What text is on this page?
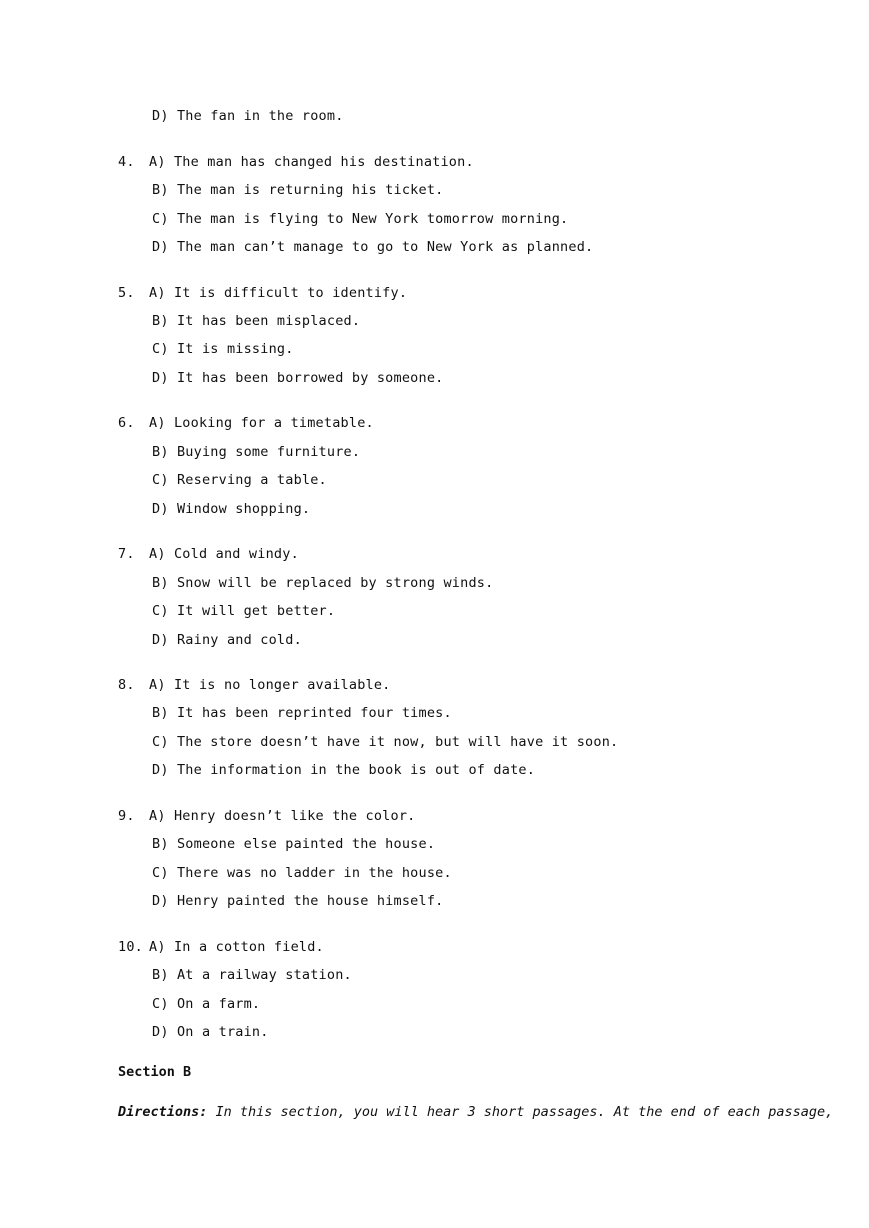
D) The fan in the room.
4. A) The man has changed his destination.
B) The man is returning his ticket.
C) The man is flying to New York tomorrow morning.
D) The man can’t manage to go to New York as planned.
5. A) It is difficult to identify.
B) It has been misplaced.
C) It is missing.
D) It has been borrowed by someone.
6. A) Looking for a timetable.
B) Buying some furniture.
C) Reserving a table.
D) Window shopping.
7. A) Cold and windy.
B) Snow will be replaced by strong winds.
C) It will get better.
D) Rainy and cold.
8. A) It is no longer available.
B) It has been reprinted four times.
C) The store doesn’t have it now, but will have it soon.
D) The information in the book is out of date.
9. A) Henry doesn’t like the color.
B) Someone else painted the house.
C) There was no ladder in the house.
D) Henry painted the house himself.
10. A) In a cotton field.
B) At a railway station.
C) On a farm.
D) On a train.
Section B
Directions: In this section, you will hear 3 short passages. At the end of each passage,
